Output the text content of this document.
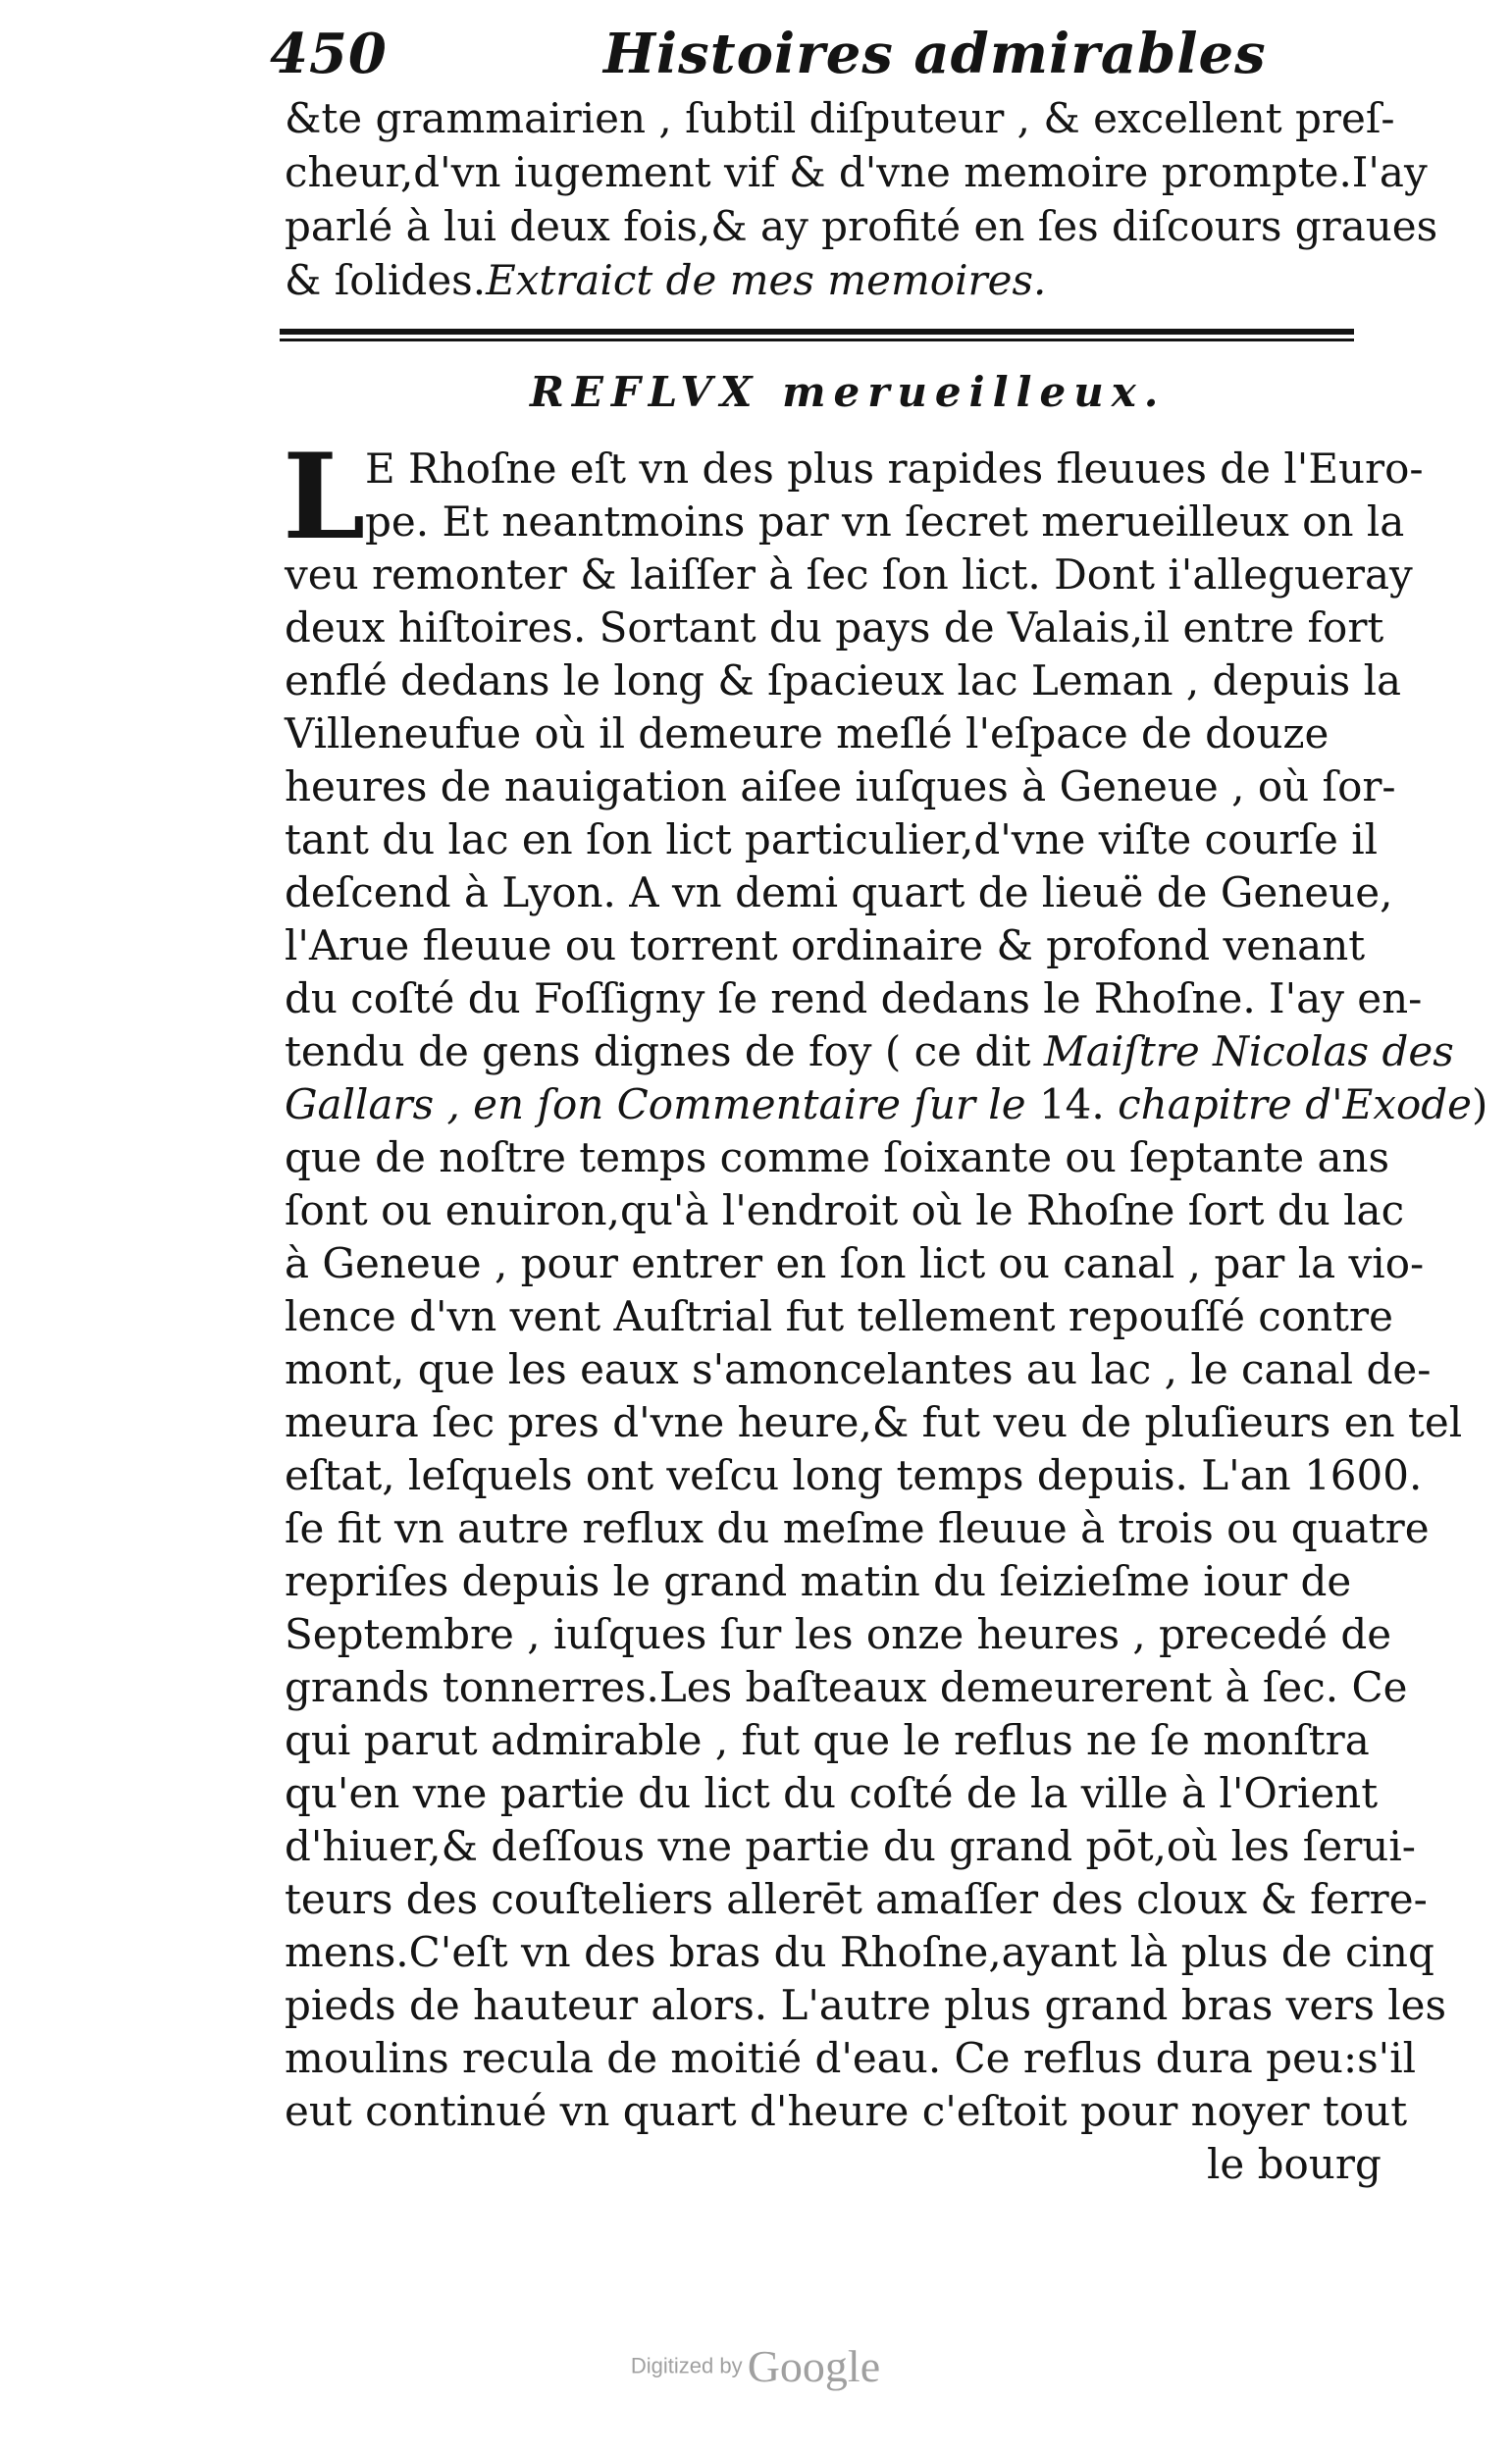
450	Histoires admirables
&te grammairien , ſubtil diſputeur , & excellent preſ-
cheur,d'vn iugement vif & d'vne memoire prompte.I'ay
parlé à lui deux fois,& ay profité en ſes diſcours graues
& ſolides.Extraict de mes memoires.
REFLVX merueilleux.
L E Rhoſne eſt vn des plus rapides fleuues de l'Euro-
pe. Et neantmoins par vn ſecret merueilleux on la
veu remonter & laiſſer à ſec ſon lict. Dont i'allegueray
deux hiſtoires. Sortant du pays de Valais,il entre fort
enflé dedans le long & ſpacieux lac Leman , depuis la
Villeneufue où il demeure meſlé l'eſpace de douze
heures de nauigation aiſee iuſques à Geneue , où ſor-
tant du lac en ſon lict particulier,d'vne viſte courſe il
deſcend à Lyon. A vn demi quart de lieuë de Geneue,
l'Arue fleuue ou torrent ordinaire & profond venant
du coſté du Foſſigny ſe rend dedans le Rhoſne. I'ay en-
tendu de gens dignes de foy ( ce dit Maiſtre Nicolas des
Gallars , en ſon Commentaire ſur le 14. chapitre d'Exode)
que de noſtre temps comme ſoixante ou ſeptante ans
ſont ou enuiron,qu'à l'endroit où le Rhoſne ſort du lac
à Geneue , pour entrer en ſon lict ou canal , par la vio-
lence d'vn vent Auſtrial fut tellement repouſſé contre
mont, que les eaux s'amoncelantes au lac , le canal de-
meura ſec pres d'vne heure,& fut veu de pluſieurs en tel
eſtat, leſquels ont veſcu long temps depuis. L'an 1600.
ſe fit vn autre reflux du meſme fleuue à trois ou quatre
repriſes depuis le grand matin du ſeizieſme iour de
Septembre , iuſques ſur les onze heures , precedé de
grands tonnerres.Les baſteaux demeurerent à ſec. Ce
qui parut admirable , fut que le reflus ne ſe monſtra
qu'en vne partie du lict du coſté de la ville à l'Orient
d'hiuer,& deſſous vne partie du grand pōt,où les ſerui-
teurs des couſteliers allerēt amaſſer des cloux & ferre-
mens.C'eſt vn des bras du Rhoſne,ayant là plus de cinq
pieds de hauteur alors. L'autre plus grand bras vers les
moulins recula de moitié d'eau. Ce reflus dura peu:s'il
eut continué vn quart d'heure c'eſtoit pour noyer tout
le bourg
Digitized by Google
